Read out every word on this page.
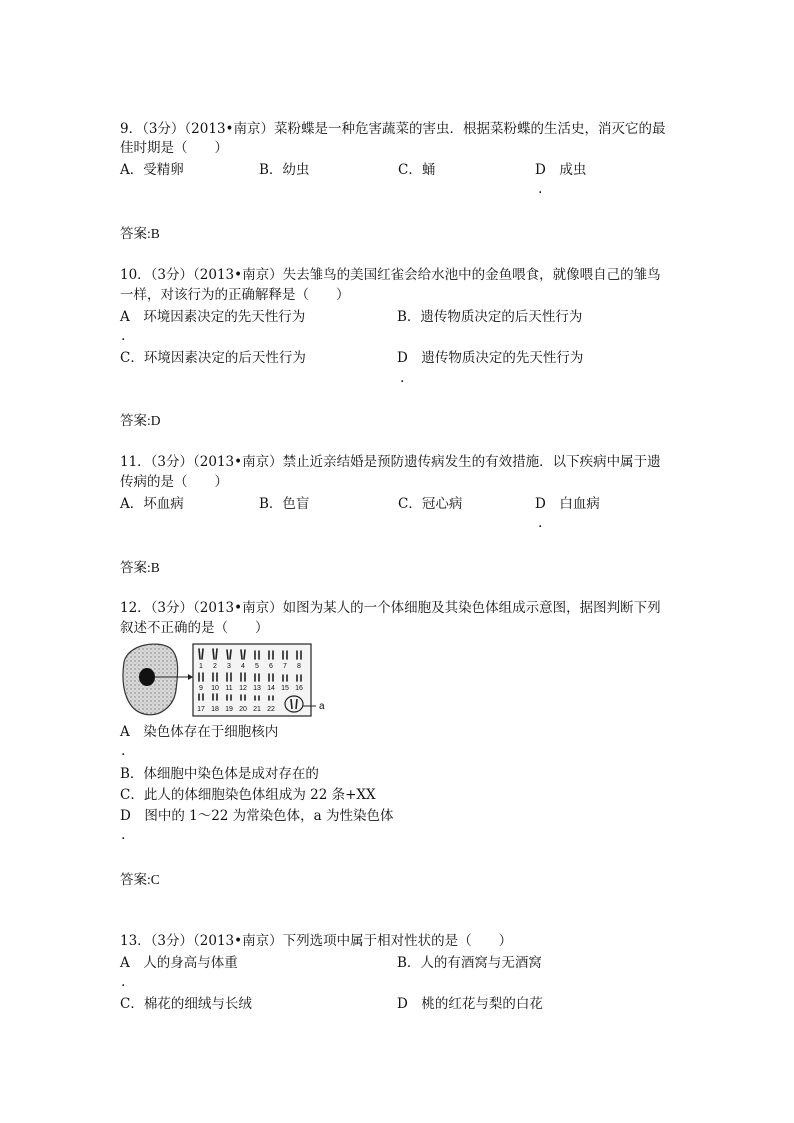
9．（3分）（2013•南京）菜粉蝶是一种危害蔬菜的害虫．根据菜粉蝶的生活史，消灭它的最
佳时期是（　　）
A．受精卵	B．幼虫	C．蛹	D　成虫
.
答案:B
10．（3分）（2013•南京）失去雏鸟的美国红雀会给水池中的金鱼喂食，就像喂自己的雏鸟
一样，对该行为的正确解释是（　　）
A　环境因素决定的先天性行为	B．遗传物质决定的后天性行为
.
C．环境因素决定的后天性行为	D　遗传物质决定的先天性行为
.
答案:D
11．（3分）（2013•南京）禁止近亲结婚是预防遗传病发生的有效措施．以下疾病中属于遗
传病的是（　　）
A．坏血病	B．色盲	C．冠心病	D　白血病
.
答案:B
12．（3分）（2013•南京）如图为某人的一个体细胞及其染色体组成示意图，据图判断下列
叙述不正确的是（　　）
1 2 3 4 5 6 7 8
9 10 11 12 13 14 15 16
17 18 19 20 21 22	a
A　染色体存在于细胞核内
.
B．体细胞中染色体是成对存在的
C．此人的体细胞染色体组成为 22 条+XX
D　图中的 1～22 为常染色体，a 为性染色体
.
答案:C
13．（3分）（2013•南京）下列选项中属于相对性状的是（　　）
A　人的身高与体重	B．人的有酒窝与无酒窝
.
C．棉花的细绒与长绒	D　桃的红花与梨的白花
